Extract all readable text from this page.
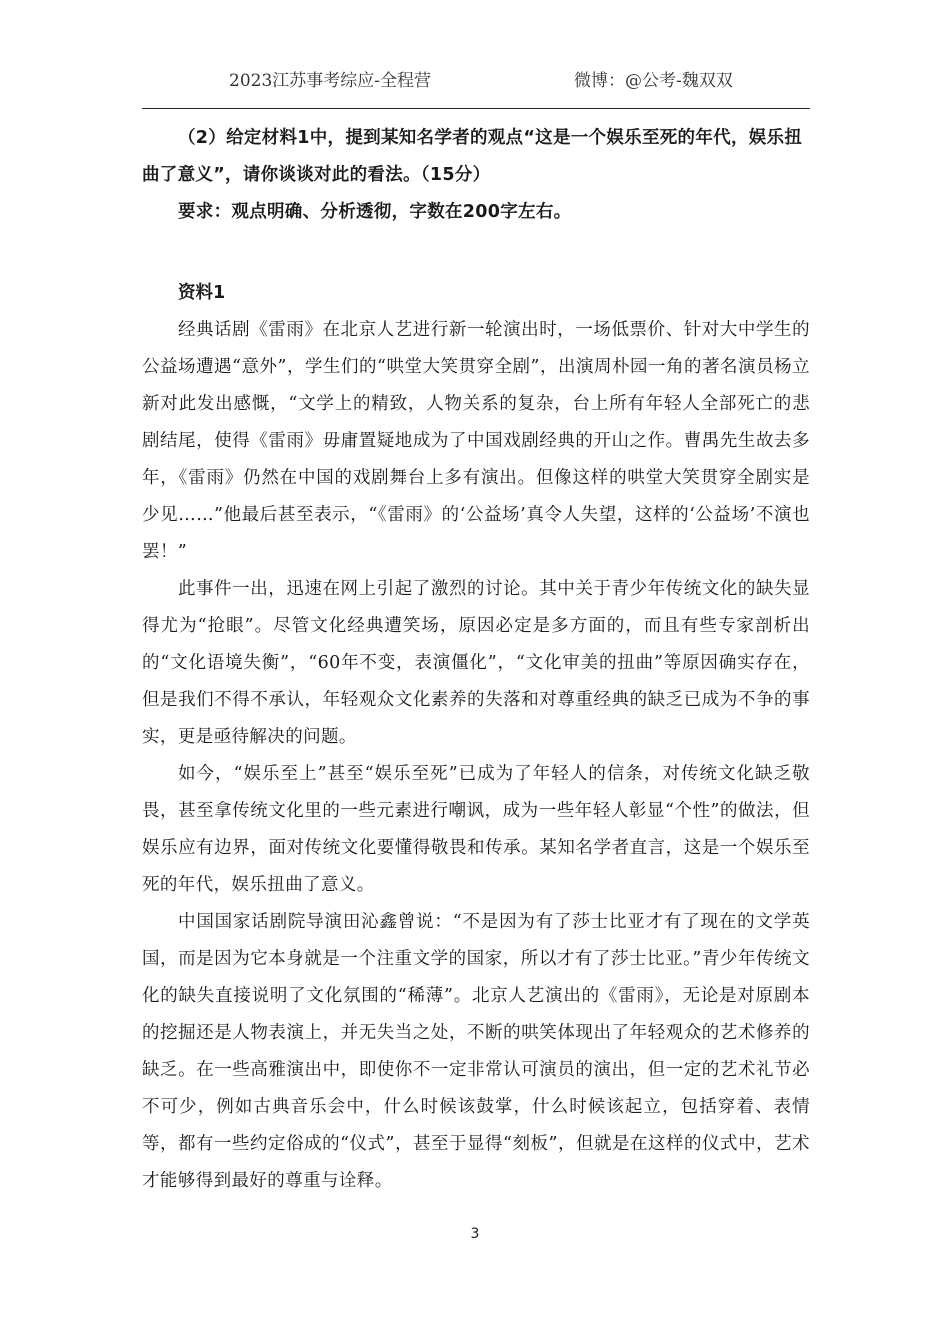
2023江苏事考综应-全程营	微博：@公考-魏双双

（2）给定材料1中，提到某知名学者的观点“这是一个娱乐至死的年代，娱乐扭曲了意义”，请你谈谈对此的看法。（15分）

要求：观点明确、分析透彻，字数在200字左右。

资料1

经典话剧《雷雨》在北京人艺进行新一轮演出时，一场低票价、针对大中学生的公益场遭遇“意外”，学生们的“哄堂大笑贯穿全剧”，出演周朴园一角的著名演员杨立新对此发出感慨，“文学上的精致，人物关系的复杂，台上所有年轻人全部死亡的悲剧结尾，使得《雷雨》毋庸置疑地成为了中国戏剧经典的开山之作。曹禺先生故去多年，《雷雨》仍然在中国的戏剧舞台上多有演出。但像这样的哄堂大笑贯穿全剧实是少见……”他最后甚至表示，“《雷雨》的‘公益场’真令人失望，这样的‘公益场’不演也罢！”

此事件一出，迅速在网上引起了激烈的讨论。其中关于青少年传统文化的缺失显得尤为“抢眼”。尽管文化经典遭笑场，原因必定是多方面的，而且有些专家剖析出的“文化语境失衡”，“60年不变，表演僵化”，“文化审美的扭曲”等原因确实存在，但是我们不得不承认，年轻观众文化素养的失落和对尊重经典的缺乏已成为不争的事实，更是亟待解决的问题。

如今，“娱乐至上”甚至“娱乐至死”已成为了年轻人的信条，对传统文化缺乏敬畏，甚至拿传统文化里的一些元素进行嘲讽，成为一些年轻人彰显“个性”的做法，但娱乐应有边界，面对传统文化要懂得敬畏和传承。某知名学者直言，这是一个娱乐至死的年代，娱乐扭曲了意义。

中国国家话剧院导演田沁鑫曾说：“不是因为有了莎士比亚才有了现在的文学英国，而是因为它本身就是一个注重文学的国家，所以才有了莎士比亚。”青少年传统文化的缺失直接说明了文化氛围的“稀薄”。北京人艺演出的《雷雨》，无论是对原剧本的挖掘还是人物表演上，并无失当之处，不断的哄笑体现出了年轻观众的艺术修养的缺乏。在一些高雅演出中，即使你不一定非常认可演员的演出，但一定的艺术礼节必不可少，例如古典音乐会中，什么时候该鼓掌，什么时候该起立，包括穿着、表情等，都有一些约定俗成的“仪式”，甚至于显得“刻板”，但就是在这样的仪式中，艺术才能够得到最好的尊重与诠释。

3
